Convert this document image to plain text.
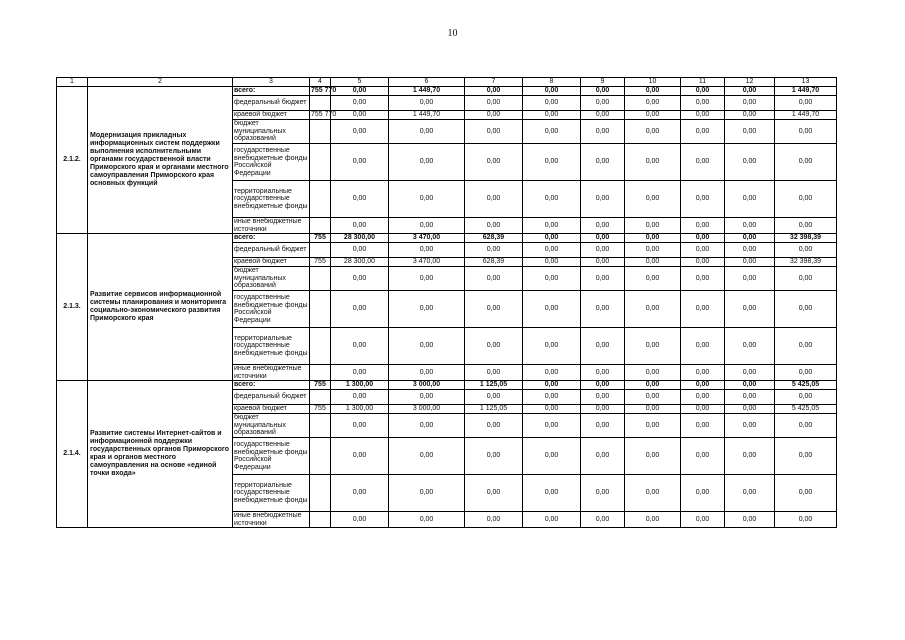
10
1	2	3	4	5	6	7	8	9	10	11	12	13
2.1.2.	Модернизация прикладных информационных систем поддержки выполнения исполнительными органами государственной власти Приморского края и органами местного самоуправления Приморского края основных функций	всего:	755 770	0,00	1 449,70	0,00	0,00	0,00	0,00	0,00	0,00	1 449,70
		федеральный бюджет		0,00	0,00	0,00	0,00	0,00	0,00	0,00	0,00	0,00
		краевой бюджет	755 770	0,00	1 449,70	0,00	0,00	0,00	0,00	0,00	0,00	1 449,70
		бюджет муниципальных образований		0,00	0,00	0,00	0,00	0,00	0,00	0,00	0,00	0,00
		государственные внебюджетные фонды Российской Федерации		0,00	0,00	0,00	0,00	0,00	0,00	0,00	0,00	0,00
		территориальные государственные внебюджетные фонды		0,00	0,00	0,00	0,00	0,00	0,00	0,00	0,00	0,00
		иные внебюджетные источники		0,00	0,00	0,00	0,00	0,00	0,00	0,00	0,00	0,00
2.1.3.	Развитие сервисов информационной системы планирования и мониторинга социально-экономического развития Приморского края	всего:	755	28 300,00	3 470,00	628,39	0,00	0,00	0,00	0,00	0,00	32 398,39
		федеральный бюджет		0,00	0,00	0,00	0,00	0,00	0,00	0,00	0,00	0,00
		краевой бюджет	755	28 300,00	3 470,00	628,39	0,00	0,00	0,00	0,00	0,00	32 398,39
		бюджет муниципальных образований		0,00	0,00	0,00	0,00	0,00	0,00	0,00	0,00	0,00
		государственные внебюджетные фонды Российской Федерации		0,00	0,00	0,00	0,00	0,00	0,00	0,00	0,00	0,00
		территориальные государственные внебюджетные фонды		0,00	0,00	0,00	0,00	0,00	0,00	0,00	0,00	0,00
		иные внебюджетные источники		0,00	0,00	0,00	0,00	0,00	0,00	0,00	0,00	0,00
2.1.4.	Развитие системы Интернет-сайтов и информационной поддержки государственных органов Приморского края и органов местного самоуправления на основе «единой точки входа»	всего:	755	1 300,00	3 000,00	1 125,05	0,00	0,00	0,00	0,00	0,00	5 425,05
		федеральный бюджет		0,00	0,00	0,00	0,00	0,00	0,00	0,00	0,00	0,00
		краевой бюджет	755	1 300,00	3 000,00	1 125,05	0,00	0,00	0,00	0,00	0,00	5 425,05
		бюджет муниципальных образований		0,00	0,00	0,00	0,00	0,00	0,00	0,00	0,00	0,00
		государственные внебюджетные фонды Российской Федерации		0,00	0,00	0,00	0,00	0,00	0,00	0,00	0,00	0,00
		территориальные государственные внебюджетные фонды		0,00	0,00	0,00	0,00	0,00	0,00	0,00	0,00	0,00
		иные внебюджетные источники		0,00	0,00	0,00	0,00	0,00	0,00	0,00	0,00	0,00
